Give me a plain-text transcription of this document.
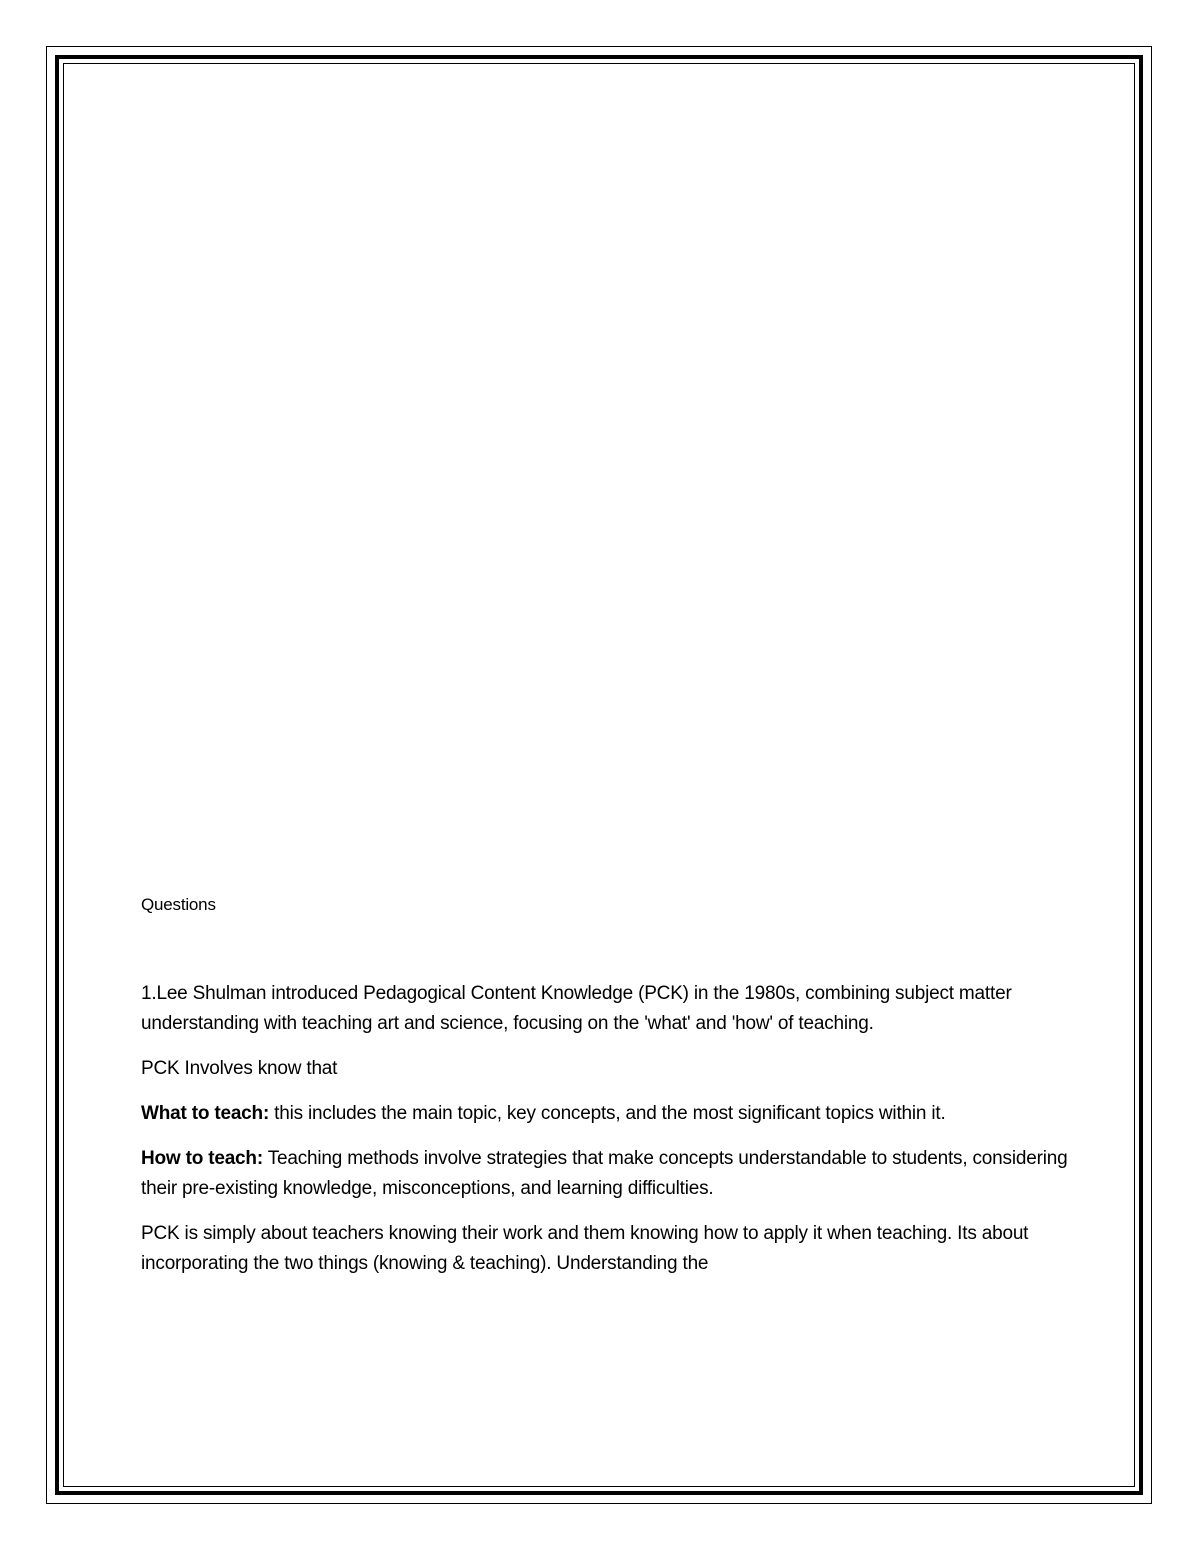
Questions

1.Lee Shulman introduced Pedagogical Content Knowledge (PCK) in the 1980s, combining subject matter understanding with teaching art and science, focusing on the 'what' and 'how' of teaching.

PCK Involves know that

What to teach: this includes the main topic, key concepts, and the most significant topics within it.

How to teach: Teaching methods involve strategies that make concepts understandable to students, considering their pre-existing knowledge, misconceptions, and learning difficulties.

PCK is simply about teachers knowing their work and them knowing how to apply it when teaching. Its about incorporating the two things (knowing & teaching). Understanding the
